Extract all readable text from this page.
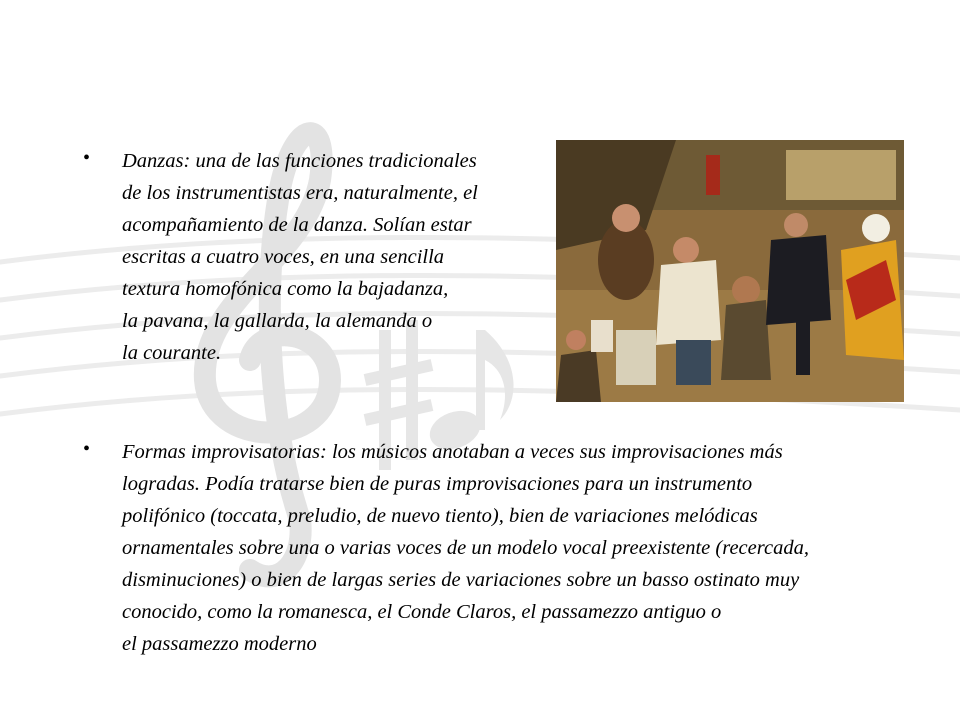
• Danzas: una de las funciones tradicionales
de los instrumentistas era, naturalmente, el
acompañamiento de la danza. Solían estar
escritas a cuatro voces, en una sencilla
textura homofónica como la bajadanza,
la pavana, la gallarda, la alemanda o
la courante.
• Formas improvisatorias: los músicos anotaban a veces sus improvisaciones más
logradas. Podía tratarse bien de puras improvisaciones para un instrumento
polifónico (toccata, preludio, de nuevo tiento), bien de variaciones melódicas
ornamentales sobre una o varias voces de un modelo vocal preexistente (recercada,
disminuciones) o bien de largas series de variaciones sobre un basso ostinato muy
conocido, como la romanesca, el Conde Claros, el passamezzo antiguo o
el passamezzo moderno
